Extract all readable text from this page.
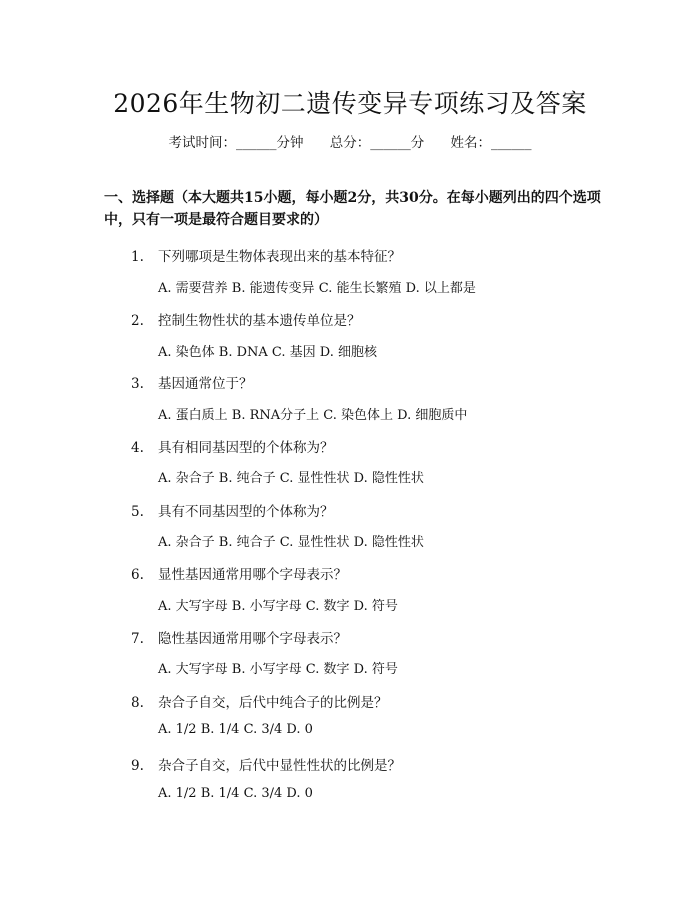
2026年生物初二遗传变异专项练习及答案
考试时间：______分钟 总分：______分 姓名：______
一、选择题（本大题共15小题，每小题2分，共30分。在每小题列出的四个选项中，只有一项是最符合题目要求的）
1. 下列哪项是生物体表现出来的基本特征？
A. 需要营养 B. 能遗传变异 C. 能生长繁殖 D. 以上都是
2. 控制生物性状的基本遗传单位是？
A. 染色体 B. DNA C. 基因 D. 细胞核
3. 基因通常位于？
A. 蛋白质上 B. RNA分子上 C. 染色体上 D. 细胞质中
4. 具有相同基因型的个体称为？
A. 杂合子 B. 纯合子 C. 显性性状 D. 隐性性状
5. 具有不同基因型的个体称为？
A. 杂合子 B. 纯合子 C. 显性性状 D. 隐性性状
6. 显性基因通常用哪个字母表示？
A. 大写字母 B. 小写字母 C. 数字 D. 符号
7. 隐性基因通常用哪个字母表示？
A. 大写字母 B. 小写字母 C. 数字 D. 符号
8. 杂合子自交，后代中纯合子的比例是？
A. 1/2 B. 1/4 C. 3/4 D. 0
9. 杂合子自交，后代中显性性状的比例是？
A. 1/2 B. 1/4 C. 3/4 D. 0
